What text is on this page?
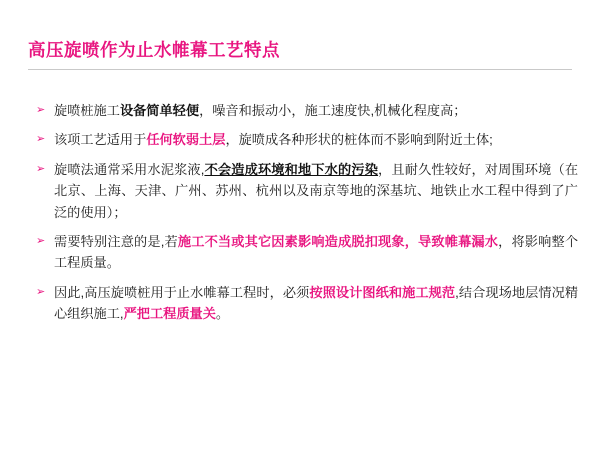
高压旋喷作为止水帷幕工艺特点
➢ 旋喷桩施工设备简单轻便，噪音和振动小，施工速度快,机械化程度高；
➢ 该项工艺适用于任何软弱土层，旋喷成各种形状的桩体而不影响到附近土体;
➢ 旋喷法通常采用水泥浆液,不会造成环境和地下水的污染，且耐久性较好，对周围环境（在北京、上海、天津、广州、苏州、杭州以及南京等地的深基坑、地铁止水工程中得到了广泛的使用）；
➢ 需要特别注意的是,若施工不当或其它因素影响造成脱扣现象，导致帷幕漏水，将影响整个工程质量。
➢ 因此,高压旋喷桩用于止水帷幕工程时，必须按照设计图纸和施工规范,结合现场地层情况精心组织施工,严把工程质量关。
